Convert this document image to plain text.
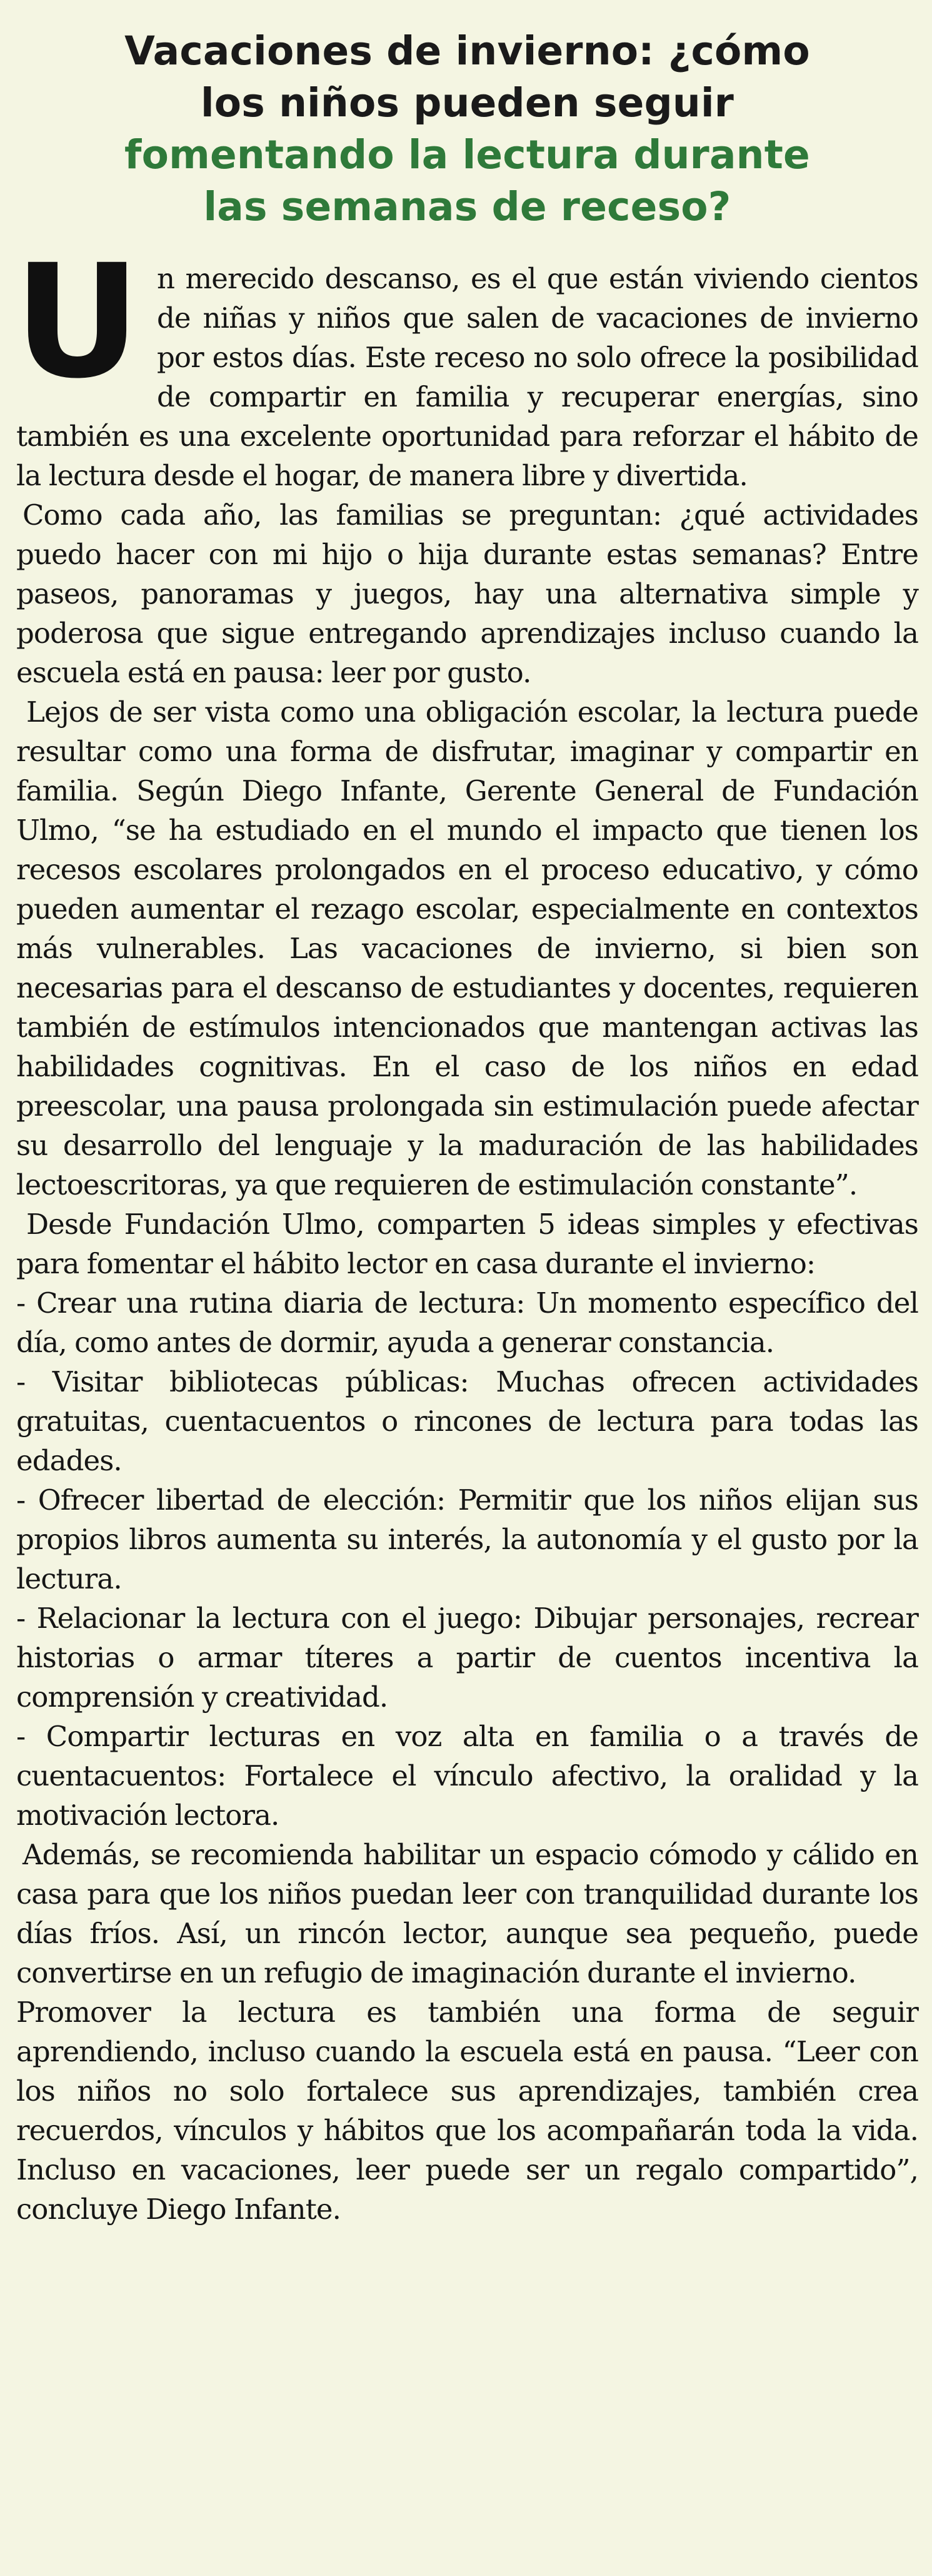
Vacaciones de invierno: ¿cómo
los niños pueden seguir
fomentando la lectura durante
las semanas de receso?

Un merecido descanso, es el que están viviendo cientos de niñas y niños que salen de vacaciones de invierno por estos días. Este receso no solo ofrece la posibilidad de compartir en familia y recuperar energías, sino también es una excelente oportunidad para reforzar el hábito de la lectura desde el hogar, de manera libre y divertida.

Como cada año, las familias se preguntan: ¿qué actividades puedo hacer con mi hijo o hija durante estas semanas? Entre paseos, panoramas y juegos, hay una alternativa simple y poderosa que sigue entregando aprendizajes incluso cuando la escuela está en pausa: leer por gusto.

Lejos de ser vista como una obligación escolar, la lectura puede resultar como una forma de disfrutar, imaginar y compartir en familia. Según Diego Infante, Gerente General de Fundación Ulmo, “se ha estudiado en el mundo el impacto que tienen los recesos escolares prolongados en el proceso educativo, y cómo pueden aumentar el rezago escolar, especialmente en contextos más vulnerables. Las vacaciones de invierno, si bien son necesarias para el descanso de estudiantes y docentes, requieren también de estímulos intencionados que mantengan activas las habilidades cognitivas. En el caso de los niños en edad preescolar, una pausa prolongada sin estimulación puede afectar su desarrollo del lenguaje y la maduración de las habilidades lectoescritoras, ya que requieren de estimulación constante”.

Desde Fundación Ulmo, comparten 5 ideas simples y efectivas para fomentar el hábito lector en casa durante el invierno:

- Crear una rutina diaria de lectura: Un momento específico del día, como antes de dormir, ayuda a generar constancia.

- Visitar bibliotecas públicas: Muchas ofrecen actividades gratuitas, cuentacuentos o rincones de lectura para todas las edades.

- Ofrecer libertad de elección: Permitir que los niños elijan sus propios libros aumenta su interés, la autonomía y el gusto por la lectura.

- Relacionar la lectura con el juego: Dibujar personajes, recrear historias o armar títeres a partir de cuentos incentiva la comprensión y creatividad.

- Compartir lecturas en voz alta en familia o a través de cuentacuentos: Fortalece el vínculo afectivo, la oralidad y la motivación lectora.

Además, se recomienda habilitar un espacio cómodo y cálido en casa para que los niños puedan leer con tranquilidad durante los días fríos. Así, un rincón lector, aunque sea pequeño, puede convertirse en un refugio de imaginación durante el invierno.

Promover la lectura es también una forma de seguir aprendiendo, incluso cuando la escuela está en pausa. “Leer con los niños no solo fortalece sus aprendizajes, también crea recuerdos, vínculos y hábitos que los acompañarán toda la vida. Incluso en vacaciones, leer puede ser un regalo compartido”, concluye Diego Infante.
